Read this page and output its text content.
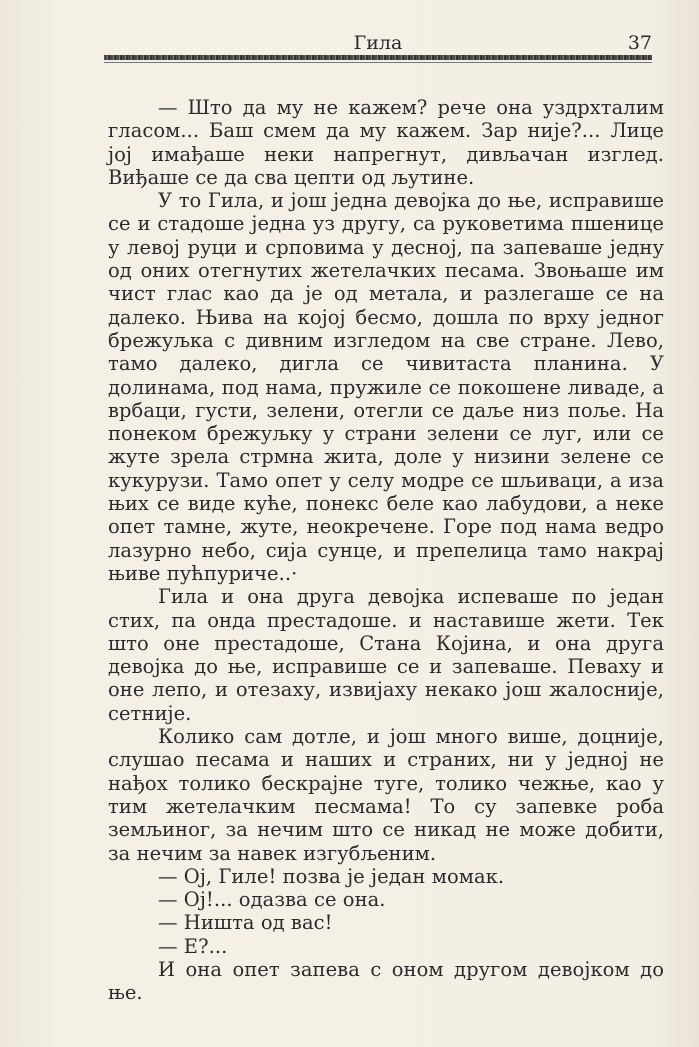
Гила	37

— Што да му не кажем? рече она уздрхталим гласом... Баш смем да му кажем. Зар није?... Лице јој имађаше неки напрегнут, дивљачан изглед. Виђаше се да сва цепти од љутине.

У то Гила, и још једна девојка до ње, исправише се и стадоше једна уз другу, са руковетима пшенице у левој руци и срповима у десној, па запеваше једну од оних отегнутих жетелачких песама. Звоњаше им чист глас као да је од метала, и разлегаше се на далеко. Њива на којој бесмо, дошла по врху једног брежуљка с дивним изгледом на све стране. Лево, тамо далеко, дигла се чивитаста планина. У долинама, под нама, пружиле се покошене ливаде, а врбаци, густи, зелени, отегли се даље низ поље. На понеком брежуљку у страни зелени се луг, или се жуте зрела стрмна жита, доле у низини зелене се кукурузи. Тамо опет у селу модре се шљиваци, а иза њих се виде куће, понекс беле као лабудови, а неке опет тамне, жуте, неокречене. Горе под нама ведро лазурно небо, сија сунце, и препелица тамо накрај њиве пућпуриче..·

Гила и она друга девојка испеваше по један стих, па онда престадоше. и наставише жети. Тек што оне престадоше, Стана Којина, и она друга девојка до ње, исправише се и запеваше. Певаху и оне лепо, и отезаху, извијаху некако још жалосније, сетније.

Колико сам дотле, и још много више, доцније, слушао песама и наших и страних, ни у једној не нађох толико бескрајне туге, толико чежње, као у тим жетелачким песмама! То су запевке роба земљиног, за нечим што се никад не може добити, за нечим за навек изгубљеним.

— Ој, Гиле! позва је један момак.

— Ој!... одазва се она.

— Ништа од вас!

— Е?...

И она опет запева с оном другом девојком до ње.
